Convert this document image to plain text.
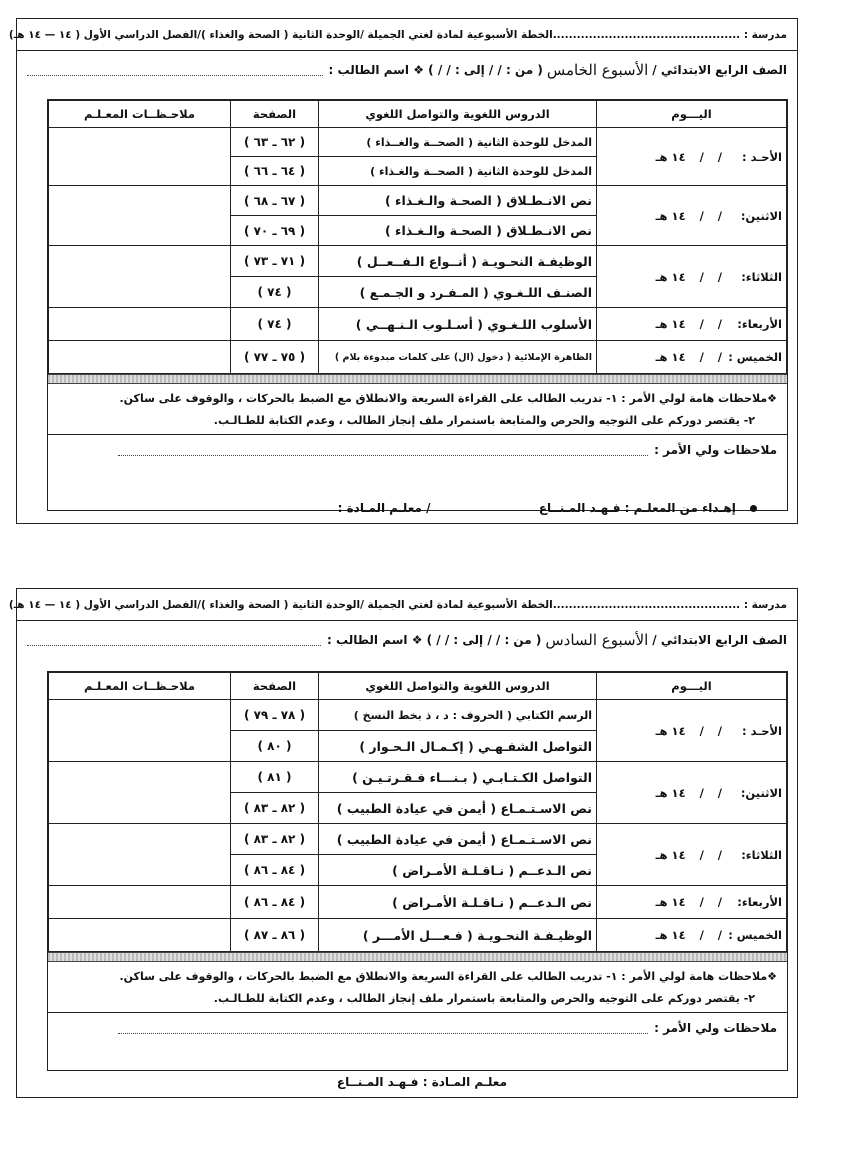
مدرسة : ...............................................الخطة الأسبوعية لمادة لغتي الجميلة /الوحدة الثانية ( الصحة والغذاء )/الفصل الدراسي الأول ( ١٤ — ١٤ هـ)
الصف الرابع الابتدائي /
الأسبوع الخامس
( من : / / إلى : / / ) ❖ اسم الطالب :
اليـــوم	الدروس اللغوية والتواصل اللغوي	الصفحة	ملاحـظــات المعـلـم
الأحـد ://١٤ هـ	المدخل للوحدة الثانية ( الصحــة والغــذاء )	( ٦٢ ـ ٦٣ )	
	المدخل للوحدة الثانية ( الصحــة والغـذاء )	( ٦٤ ـ ٦٦ )	
الاثنين://١٤ هـ	نص الانـطـلاق ( الصحـة والـغـذاء )	( ٦٧ ـ ٦٨ )	
	نص الانـطـلاق ( الصحـة والـغـذاء )	( ٦٩ ـ ٧٠ )	
الثلاثاء://١٤ هـ	الوظيفـة النحـويـة ( أنــواع الـفــعــل )	( ٧١ ـ ٧٣ )	
	الصنـف اللـغـوي ( المـفـرد و الجـمـع )	( ٧٤ )	
الأربعاء://١٤ هـ	الأسلوب اللـغـوي ( أسـلـوب الـنـهــي )	( ٧٤ )	
الخميس ://١٤ هـ	الظاهرة الإملائية ( دخول (ال) على كلمات مبدوءة بلام )	( ٧٥ ـ ٧٧ )	
❖ملاحظات هامة لولي الأمر : ١- تدريب الطالب على القراءة السريعة والانطلاق مع الضبط بالحركات ، والوقوف على ساكن.
٢- يقتصر دوركم على التوجيه والحرص والمتابعة باستمرار ملف إنجاز الطالب ، وعدم الكتابة للطـالـب.
ملاحظات ولي الأمر :
إهـداء من المعلـم : فـهـد المـنــاع  / معلـم المـادة :
مدرسة : ...............................................الخطة الأسبوعية لمادة لغتي الجميلة /الوحدة الثانية ( الصحة والغذاء )/الفصل الدراسي الأول ( ١٤ — ١٤ هـ)
الصف الرابع الابتدائي /
الأسبوع السادس
( من : / / إلى : / / ) ❖ اسم الطالب :
اليـــوم	الدروس اللغوية والتواصل اللغوي	الصفحة	ملاحـظــات المعـلـم
الأحـد ://١٤ هـ	الرسم الكتابي ( الحروف : د ، ذ بخط النسخ )	( ٧٨ ـ ٧٩ )	
	التواصل الشفـهـي ( إكـمـال الـحـوار )	( ٨٠ )	
الاثنين://١٤ هـ	التواصل الكـتـابـي ( بـنـــاء فـقـرتـيـن )	( ٨١ )	
	نص الاسـتـمـاع ( أيمن في عيادة الطبيب )	( ٨٢ ـ ٨٣ )	
الثلاثاء://١٤ هـ	نص الاسـتـمـاع ( أيمن في عيادة الطبيب )	( ٨٢ ـ ٨٣ )	
	نص الـدعــم ( نـاقـلـة الأمـراض )	( ٨٤ ـ ٨٦ )	
الأربعاء://١٤ هـ	نص الـدعــم ( نـاقـلـة الأمـراض )	( ٨٤ ـ ٨٦ )	
الخميس ://١٤ هـ	الوظيـفـة النحـويـة ( فـعـــل الأمـــر )	( ٨٦ ـ ٨٧ )	
❖ملاحظات هامة لولي الأمر : ١- تدريب الطالب على القراءة السريعة والانطلاق مع الضبط بالحركات ، والوقوف على ساكن.
٢- يقتصر دوركم على التوجيه والحرص والمتابعة باستمرار ملف إنجاز الطالب ، وعدم الكتابة للطـالـب.
ملاحظات ولي الأمر :
معلـم المـادة : فـهـد المـنــاع
